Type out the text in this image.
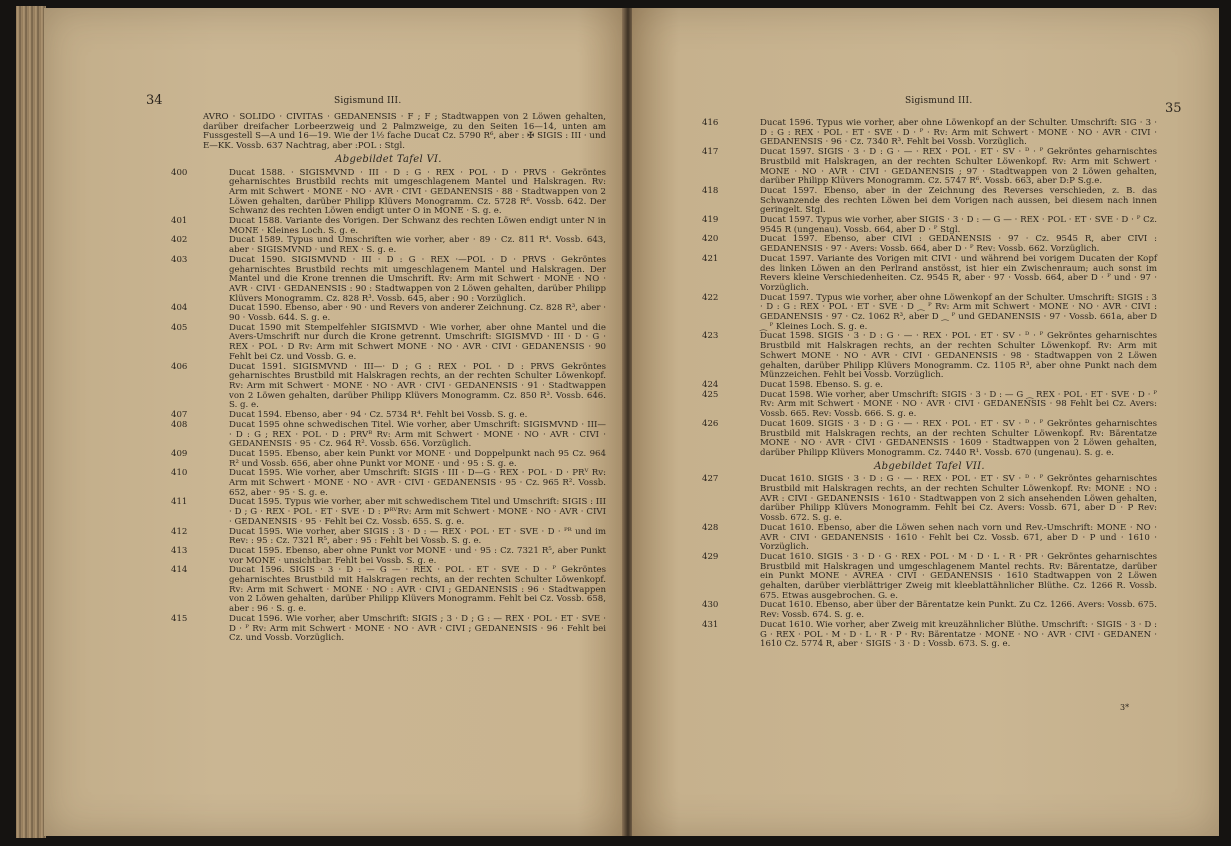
34	Sigismund III.

AVRO · SOLIDO · CIVITAS · GEDANENSIS · F ; F ; Stadtwappen von 2 Löwen gehalten, darüber dreifacher Lorbeerzweig und 2 Palmzweige, zu den Seiten 16—14, unten am Fussgestell S—A und 16—19. Wie der 1½ fache Ducat Cz. 5790 R⁶, aber : ✠ SIGIS : III · und E—KK. Vossb. 637 Nachtrag, aber :POL : Stgl.

Abgebildet Tafel VI.
400	Ducat 1588. · SIGISMVND · III · D : G · REX · POL · D · PRVS · Gekröntes geharnischtes Brustbild rechts mit umgeschlagenem Mantel und Halskragen. Rv: Arm mit Schwert · MONE · NO · AVR · CIVI · GEDANENSIS · 88 · Stadtwappen von 2 Löwen gehalten, darüber Philipp Klüvers Monogramm. Cz. 5728 R⁶. Vossb. 642. Der Schwanz des rechten Löwen endigt unter O in MONE · S. g. e.
401	Ducat 1588. Variante des Vorigen. Der Schwanz des rechten Löwen endigt unter N in MONE · Kleines Loch. S. g. e.
402	Ducat 1589. Typus und Umschriften wie vorher, aber · 89 · Cz. 811 R⁴. Vossb. 643, aber · SIGISMVND · und REX · S. g. e.
403	Ducat 1590. SIGISMVND · III · D : G · REX ·—POL · D · PRVS · Gekröntes geharnischtes Brustbild rechts mit umgeschlagenem Mantel und Halskragen. Der Mantel und die Krone trennen die Umschrift. Rv: Arm mit Schwert · MONE · NO · AVR · CIVI · GEDANENSIS : 90 : Stadtwappen von 2 Löwen gehalten, darüber Philipp Klüvers Monogramm. Cz. 828 R³. Vossb. 645, aber : 90 : Vorzüglich.
404	Ducat 1590. Ebenso, aber · 90 · und Revers von anderer Zeichnung. Cz. 828 R³, aber · 90 · Vossb. 644. S. g. e.
405	Ducat 1590 mit Stempelfehler SIGISMVD · Wie vorher, aber ohne Mantel und die Avers-Umschrift nur durch die Krone getrennt. Umschrift: SIGISMVD · III · D · G · REX · POL · D Rv: Arm mit Schwert MONE · NO · AVR · CIVI · GEDANENSIS · 90 Fehlt bei Cz. und Vossb. G. e.
406	Ducat 1591. SIGISMVND · III—· D ; G : REX · POL · D : PRVS Gekröntes geharnischtes Brustbild mit Halskragen rechts, an der rechten Schulter Löwenkopf. Rv: Arm mit Schwert · MONE · NO · AVR · CIVI · GEDANENSIS · 91 · Stadtwappen von 2 Löwen gehalten, darüber Philipp Klüvers Monogramm. Cz. 850 R³. Vossb. 646. S. g. e.
407	Ducat 1594. Ebenso, aber · 94 · Cz. 5734 R⁴. Fehlt bei Vossb. S. g. e.
408	Ducat 1595 ohne schwedischen Titel. Wie vorher, aber Umschrift: SIGISMVND · III— · D : G ; REX · POL · D : PRVᴮ Rv: Arm mit Schwert · MONE · NO · AVR · CIVI · GEDANENSIS · 95 · Cz. 964 R². Vossb. 656. Vorzüglich.
409	Ducat 1595. Ebenso, aber kein Punkt vor MONE · und Doppelpunkt nach 95 Cz. 964 R² und Vossb. 656, aber ohne Punkt vor MONE · und · 95 : S. g. e.
410	Ducat 1595. Wie vorher, aber Umschrift: SIGIS · III · D—G · REX · POL · D · PRⱽ Rv: Arm mit Schwert · MONE · NO · AVR · CIVI · GEDANENSIS · 95 · Cz. 965 R². Vossb. 652, aber · 95 · S. g. e.
411	Ducat 1595. Typus wie vorher, aber mit schwedischem Titel und Umschrift: SIGIS : III · D ; G · REX · POL · ET · SVE · D : PᴿⱽRv: Arm mit Schwert · MONE · NO · AVR · CIVI · GEDANENSIS · 95 · Fehlt bei Cz. Vossb. 655. S. g. e.
412	Ducat 1595. Wie vorher, aber SIGIS : 3 · D : — REX · POL · ET · SVE · D · ᴾᴿ und im Rev: : 95 : Cz. 7321 R⁵, aber : 95 : Fehlt bei Vossb. S. g. e.
413	Ducat 1595. Ebenso, aber ohne Punkt vor MONE · und · 95 : Cz. 7321 R⁵, aber Punkt vor MONE · unsichtbar. Fehlt bei Vossb. S. g. e.
414	Ducat 1596. SIGIS · 3 · D : — G — · REX · POL · ET · SVE · D · ᴾ Gekröntes geharnischtes Brustbild mit Halskragen rechts, an der rechten Schulter Löwenkopf. Rv: Arm mit Schwert · MONE · NO : AVR · CIVI ; GEDANENSIS : 96 · Stadtwappen von 2 Löwen gehalten, darüber Philipp Klüvers Monogramm. Fehlt bei Cz. Vossb. 658, aber : 96 · S. g. e.
415	Ducat 1596. Wie vorher, aber Umschrift: SIGIS ; 3 · D ; G : — REX · POL · ET · SVE · D · ᴾ Rv: Arm mit Schwert · MONE · NO · AVR · CIVI ; GEDANENSIS · 96 · Fehlt bei Cz. und Vossb. Vorzüglich.
Sigismund III.	35
416	Ducat 1596. Typus wie vorher, aber ohne Löwenkopf an der Schulter. Umschrift: SIG · 3 · D : G : REX · POL · ET · SVE · D · ᴾ · Rv: Arm mit Schwert · MONE · NO · AVR · CIVI · GEDANENSIS · 96 · Cz. 7340 R³. Fehlt bei Vossb. Vorzüglich.
417	Ducat 1597. SIGIS · 3 · D : G · — · REX · POL · ET · SV · ᴰ · ᴾ Gekröntes geharnischtes Brustbild mit Halskragen, an der rechten Schulter Löwenkopf. Rv: Arm mit Schwert · MONE · NO · AVR · CIVI · GEDANENSIS ; 97 · Stadtwappen von 2 Löwen gehalten, darüber Philipp Klüvers Monogramm. Cz. 5747 R⁶. Vossb. 663, aber D:P S.g.e.
418	Ducat 1597. Ebenso, aber in der Zeichnung des Reverses verschieden, z. B. das Schwanzende des rechten Löwen bei dem Vorigen nach aussen, bei diesem nach innen geringelt. Stgl.
419	Ducat 1597. Typus wie vorher, aber SIGIS · 3 · D : — G — · REX · POL · ET · SVE · D · ᴾ Cz. 9545 R (ungenau). Vossb. 664, aber D · ᴾ Stgl.
420	Ducat 1597. Ebenso, aber CIVI : GEDANENSIS · 97 · Cz. 9545 R, aber CIVI : GEDANENSIS · 97 · Avers: Vossb. 664, aber D · ᴾ Rev: Vossb. 662. Vorzüglich.
421	Ducat 1597. Variante des Vorigen mit CIVI · und während bei vorigem Ducaten der Kopf des linken Löwen an den Perlrand anstösst, ist hier ein Zwischenraum; auch sonst im Revers kleine Verschiedenheiten. Cz. 9545 R, aber · 97 · Vossb. 664, aber D · ᴾ und · 97 · Vorzüglich.
422	Ducat 1597. Typus wie vorher, aber ohne Löwenkopf an der Schulter. Umschrift: SIGIS : 3 · D : G : REX · POL · ET · SVE · D ⁔ ᴾ Rv: Arm mit Schwert · MONE · NO · AVR · CIVI : GEDANENSIS · 97 · Cz. 1062 R³, aber D ⁔ ᴾ und GEDANENSIS · 97 · Vossb. 661a, aber D ⁔ ᴾ Kleines Loch. S. g. e.
423	Ducat 1598. SIGIS · 3 · D : G · — · REX · POL · ET · SV · ᴰ · ᴾ Gekröntes geharnischtes Brustbild mit Halskragen rechts, an der rechten Schulter Löwenkopf. Rv: Arm mit Schwert MONE · NO · AVR · CIVI · GEDANENSIS · 98 · Stadtwappen von 2 Löwen gehalten, darüber Philipp Klüvers Monogramm. Cz. 1105 R³, aber ohne Punkt nach dem Münzzeichen. Fehlt bei Vossb. Vorzüglich.
424	Ducat 1598. Ebenso. S. g. e.
425	Ducat 1598. Wie vorher, aber Umschrift: SIGIS · 3 · D : — G ⁔ REX · POL · ET · SVE · D · ᴾ Rv: Arm mit Schwert · MONE · NO · AVR · CIVI · GEDANENSIS · 98 Fehlt bei Cz. Avers: Vossb. 665. Rev: Vossb. 666. S. g. e.
426	Ducat 1609. SIGIS · 3 · D : G · — · REX · POL · ET · SV · ᴰ · ᴾ Gekröntes geharnischtes Brustbild mit Halskragen rechts, an der rechten Schulter Löwenkopf. Rv: Bärentatze MONE · NO · AVR · CIVI · GEDANENSIS · 1609 · Stadtwappen von 2 Löwen gehalten, darüber Philipp Klüvers Monogramm. Cz. 7440 R¹. Vossb. 670 (ungenau). S. g. e.
Abgebildet Tafel VII.
427	Ducat 1610. SIGIS · 3 · D : G · — · REX · POL · ET · SV · ᴰ · ᴾ Gekröntes geharnischtes Brustbild mit Halskragen rechts, an der rechten Schulter Löwenkopf. Rv: MONE : NO : AVR : CIVI · GEDANENSIS · 1610 · Stadtwappen von 2 sich ansehenden Löwen gehalten, darüber Philipp Klüvers Monogramm. Fehlt bei Cz. Avers: Vossb. 671, aber D · P Rev: Vossb. 672. S. g. e.
428	Ducat 1610. Ebenso, aber die Löwen sehen nach vorn und Rev.-Umschrift: MONE · NO · AVR · CIVI · GEDANENSIS · 1610 · Fehlt bei Cz. Vossb. 671, aber D · P und · 1610 · Vorzüglich.
429	Ducat 1610. SIGIS · 3 · D · G · REX · POL · M · D · L · R · PR · Gekröntes geharnischtes Brustbild mit Halskragen und umgeschlagenem Mantel rechts. Rv: Bärentatze, darüber ein Punkt MONE · AVREA · CIVI · GEDANENSIS · 1610 Stadtwappen von 2 Löwen gehalten, darüber vierblättriger Zweig mit kleeblattähnlicher Blüthe. Cz. 1266 R. Vossb. 675. Etwas ausgebrochen. G. e.
430	Ducat 1610. Ebenso, aber über der Bärentatze kein Punkt. Zu Cz. 1266. Avers: Vossb. 675. Rev: Vossb. 674. S. g. e.
431	Ducat 1610. Wie vorher, aber Zweig mit kreuzähnlicher Blüthe. Umschrift: · SIGIS · 3 · D : G · REX · POL · M · D · L · R · P · Rv: Bärentatze · MONE · NO · AVR · CIVI · GEDANEN · 1610 Cz. 5774 R, aber · SIGIS · 3 · D : Vossb. 673. S. g. e.
3*
